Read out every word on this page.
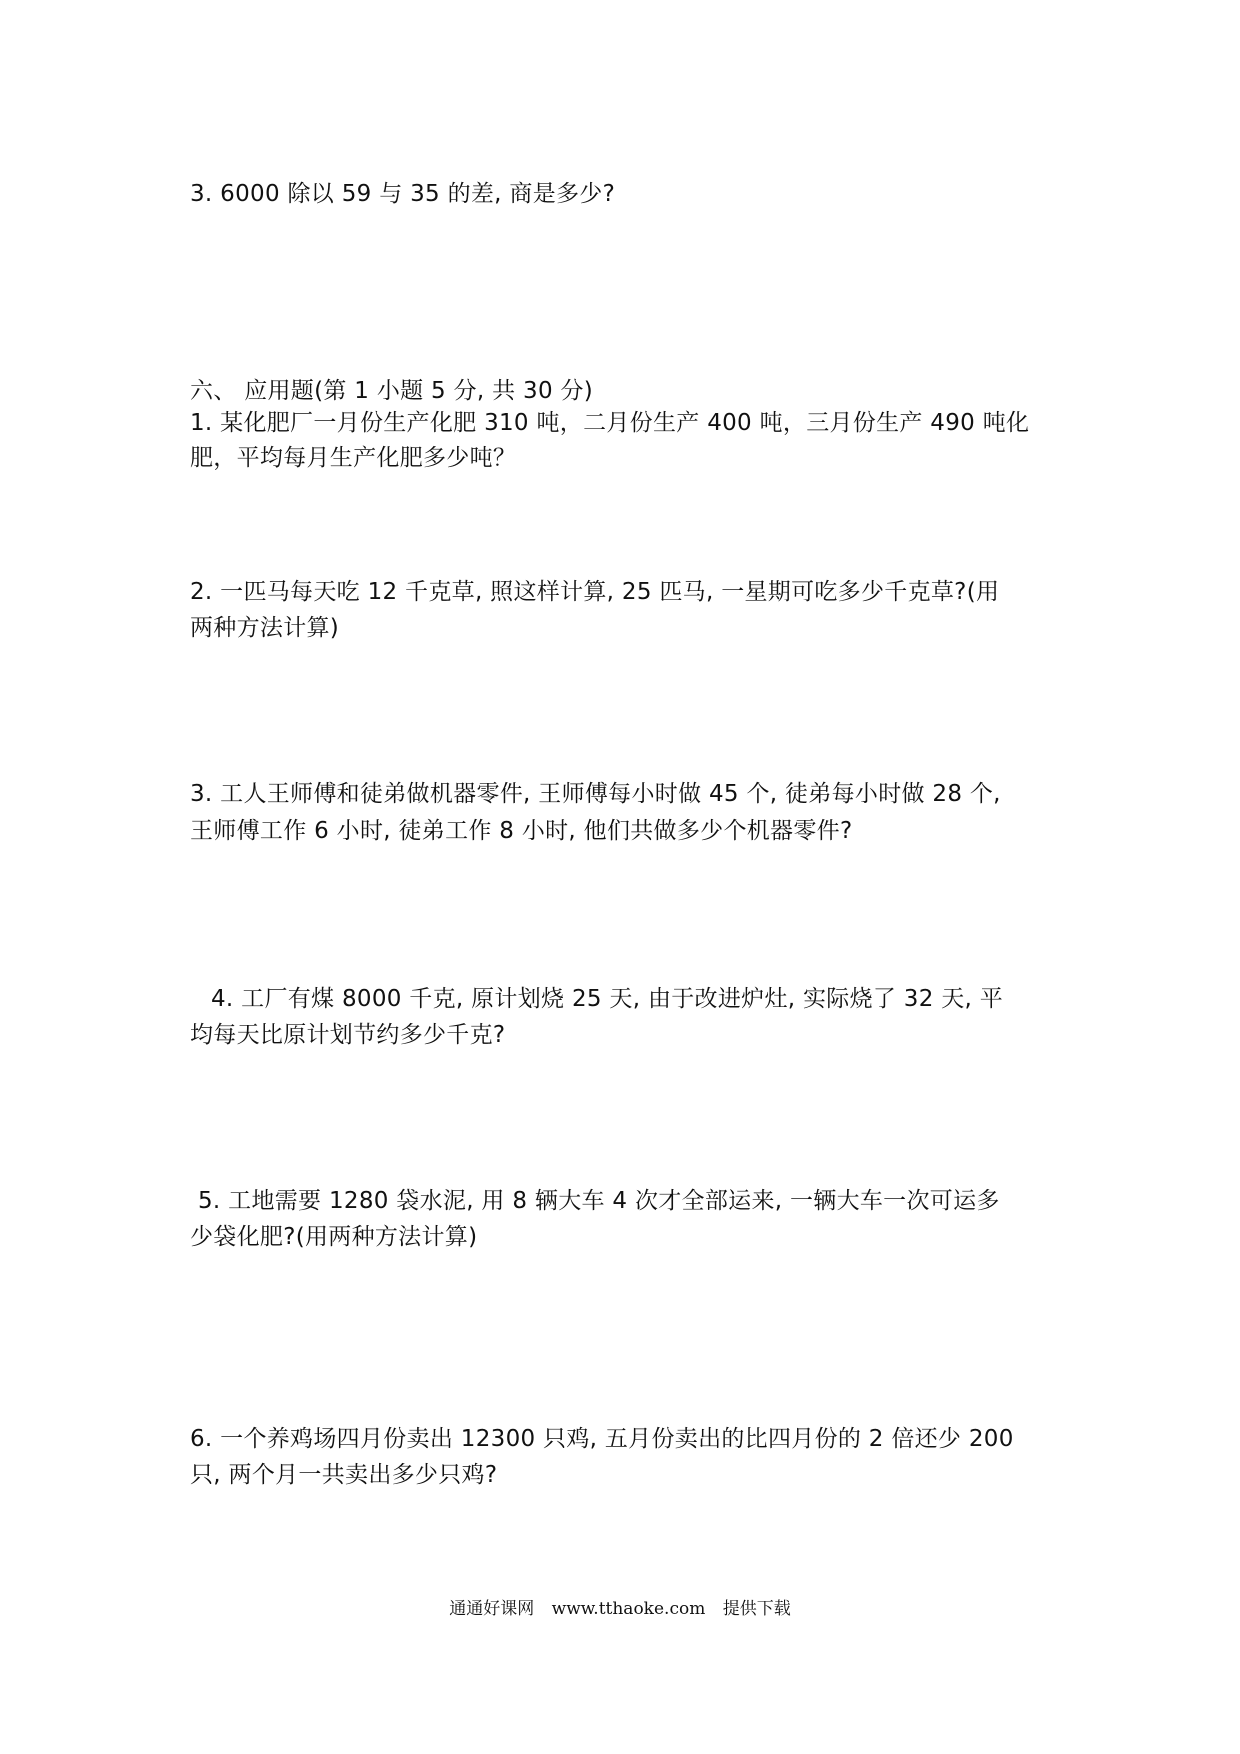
3. 6000 除以 59 与 35 的差, 商是多少?
六、 应用题(第 1 小题 5 分, 共 30 分)
1. 某化肥厂一月份生产化肥 310 吨，二月份生产 400 吨，三月份生产 490 吨化
肥，平均每月生产化肥多少吨？
2. 一匹马每天吃 12 千克草, 照这样计算, 25 匹马, 一星期可吃多少千克草?(用
两种方法计算)
3. 工人王师傅和徒弟做机器零件, 王师傅每小时做 45 个, 徒弟每小时做 28 个,
王师傅工作 6 小时, 徒弟工作 8 小时, 他们共做多少个机器零件?
4. 工厂有煤 8000 千克, 原计划烧 25 天, 由于改进炉灶, 实际烧了 32 天, 平
均每天比原计划节约多少千克?
5. 工地需要 1280 袋水泥, 用 8 辆大车 4 次才全部运来, 一辆大车一次可运多
少袋化肥?(用两种方法计算)
6. 一个养鸡场四月份卖出 12300 只鸡, 五月份卖出的比四月份的 2 倍还少 200
只, 两个月一共卖出多少只鸡?
通通好课网 www.tthaoke.com 提供下载
